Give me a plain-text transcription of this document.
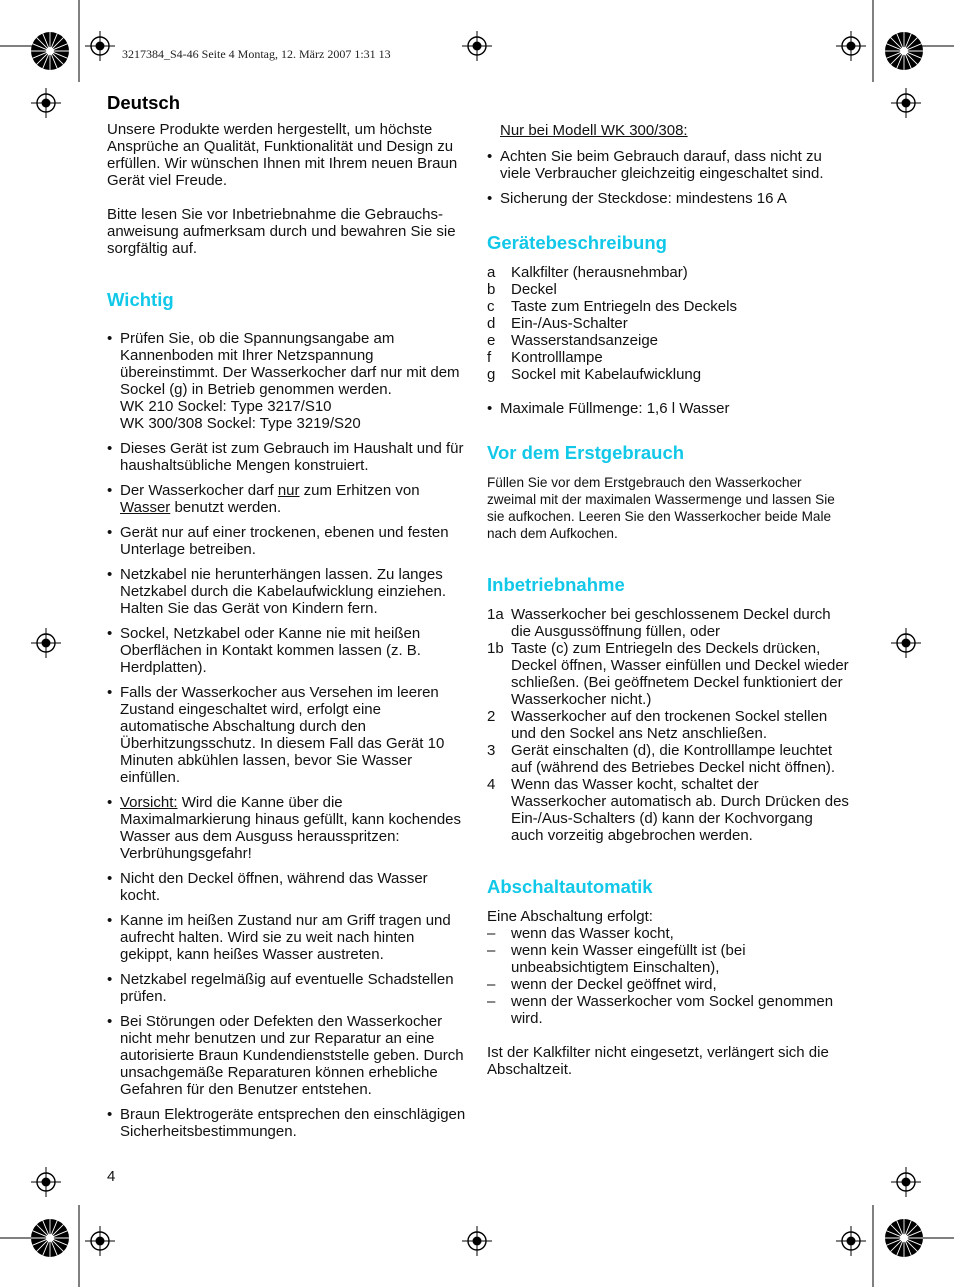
3217384_S4-46 Seite 4 Montag, 12. März 2007 1:31 13
Deutsch

Unsere Produkte werden hergestellt, um höchste Ansprüche an Qualität, Funktionalität und Design zu erfüllen. Wir wünschen Ihnen mit Ihrem neuen Braun Gerät viel Freude.

Bitte lesen Sie vor Inbetriebnahme die Gebrauchsanweisung aufmerksam durch und bewahren Sie sie sorgfältig auf.

Wichtig
• Prüfen Sie, ob die Spannungsangabe am Kannenboden mit Ihrer Netzspannung übereinstimmt. Der Wasserkocher darf nur mit dem Sockel (g) in Betrieb genommen werden.
WK 210 Sockel: Type 3217/S10
WK 300/308 Sockel: Type 3219/S20
• Dieses Gerät ist zum Gebrauch im Haushalt und für haushaltsübliche Mengen konstruiert.
• Der Wasserkocher darf nur zum Erhitzen von Wasser benutzt werden.
• Gerät nur auf einer trockenen, ebenen und festen Unterlage betreiben.
• Netzkabel nie herunterhängen lassen. Zu langes Netzkabel durch die Kabelaufwicklung einziehen. Halten Sie das Gerät von Kindern fern.
• Sockel, Netzkabel oder Kanne nie mit heißen Oberflächen in Kontakt kommen lassen (z. B. Herdplatten).
• Falls der Wasserkocher aus Versehen im leeren Zustand eingeschaltet wird, erfolgt eine automatische Abschaltung durch den Überhitzungsschutz. In diesem Fall das Gerät 10 Minuten abkühlen lassen, bevor Sie Wasser einfüllen.
• Vorsicht: Wird die Kanne über die Maximalmarkierung hinaus gefüllt, kann kochendes Wasser aus dem Ausguss herausspritzen: Verbrühungsgefahr!
• Nicht den Deckel öffnen, während das Wasser kocht.
• Kanne im heißen Zustand nur am Griff tragen und aufrecht halten. Wird sie zu weit nach hinten gekippt, kann heißes Wasser austreten.
• Netzkabel regelmäßig auf eventuelle Schadstellen prüfen.
• Bei Störungen oder Defekten den Wasserkocher nicht mehr benutzen und zur Reparatur an eine autorisierte Braun Kundendienststelle geben. Durch unsachgemäße Reparaturen können erhebliche Gefahren für den Benutzer entstehen.
• Braun Elektrogeräte entsprechen den einschlägigen Sicherheitsbestimmungen.

Nur bei Modell WK 300/308:

• Achten Sie beim Gebrauch darauf, dass nicht zu viele Verbraucher gleichzeitig eingeschaltet sind.
• Sicherung der Steckdose: mindestens 16 A
Gerätebeschreibung
a	Kalkfilter (herausnehmbar)
b	Deckel
c	Taste zum Entriegeln des Deckels
d	Ein-/Aus-Schalter
e	Wasserstandsanzeige
f	Kontrolllampe
g	Sockel mit Kabelaufwicklung
• Maximale Füllmenge: 1,6 l Wasser
Vor dem Erstgebrauch

Füllen Sie vor dem Erstgebrauch den Wasserkocher zweimal mit der maximalen Wassermenge und lassen Sie sie aufkochen. Leeren Sie den Wasserkocher beide Male nach dem Aufkochen.

Inbetriebnahme
1a Wasserkocher bei geschlossenem Deckel durch die Ausgussöffnung füllen, oder
1b Taste (c) zum Entriegeln des Deckels drücken, Deckel öffnen, Wasser einfüllen und Deckel wieder schließen. (Bei geöffnetem Deckel funktioniert der Wasserkocher nicht.)
2	Wasserkocher auf den trockenen Sockel stellen und den Sockel ans Netz anschließen.
3	Gerät einschalten (d), die Kontrolllampe leuchtet auf (während des Betriebes Deckel nicht öffnen).
4	Wenn das Wasser kocht, schaltet der Wasserkocher automatisch ab. Durch Drücken des Ein-/Aus-Schalters (d) kann der Kochvorgang auch vorzeitig abgebrochen werden.
Abschaltautomatik

Eine Abschaltung erfolgt:

–	wenn das Wasser kocht,
–	wenn kein Wasser eingefüllt ist (bei unbeabsichtigtem Einschalten),
–	wenn der Deckel geöffnet wird,
–	wenn der Wasserkocher vom Sockel genommen wird.

Ist der Kalkfilter nicht eingesetzt, verlängert sich die Abschaltzeit.

4
